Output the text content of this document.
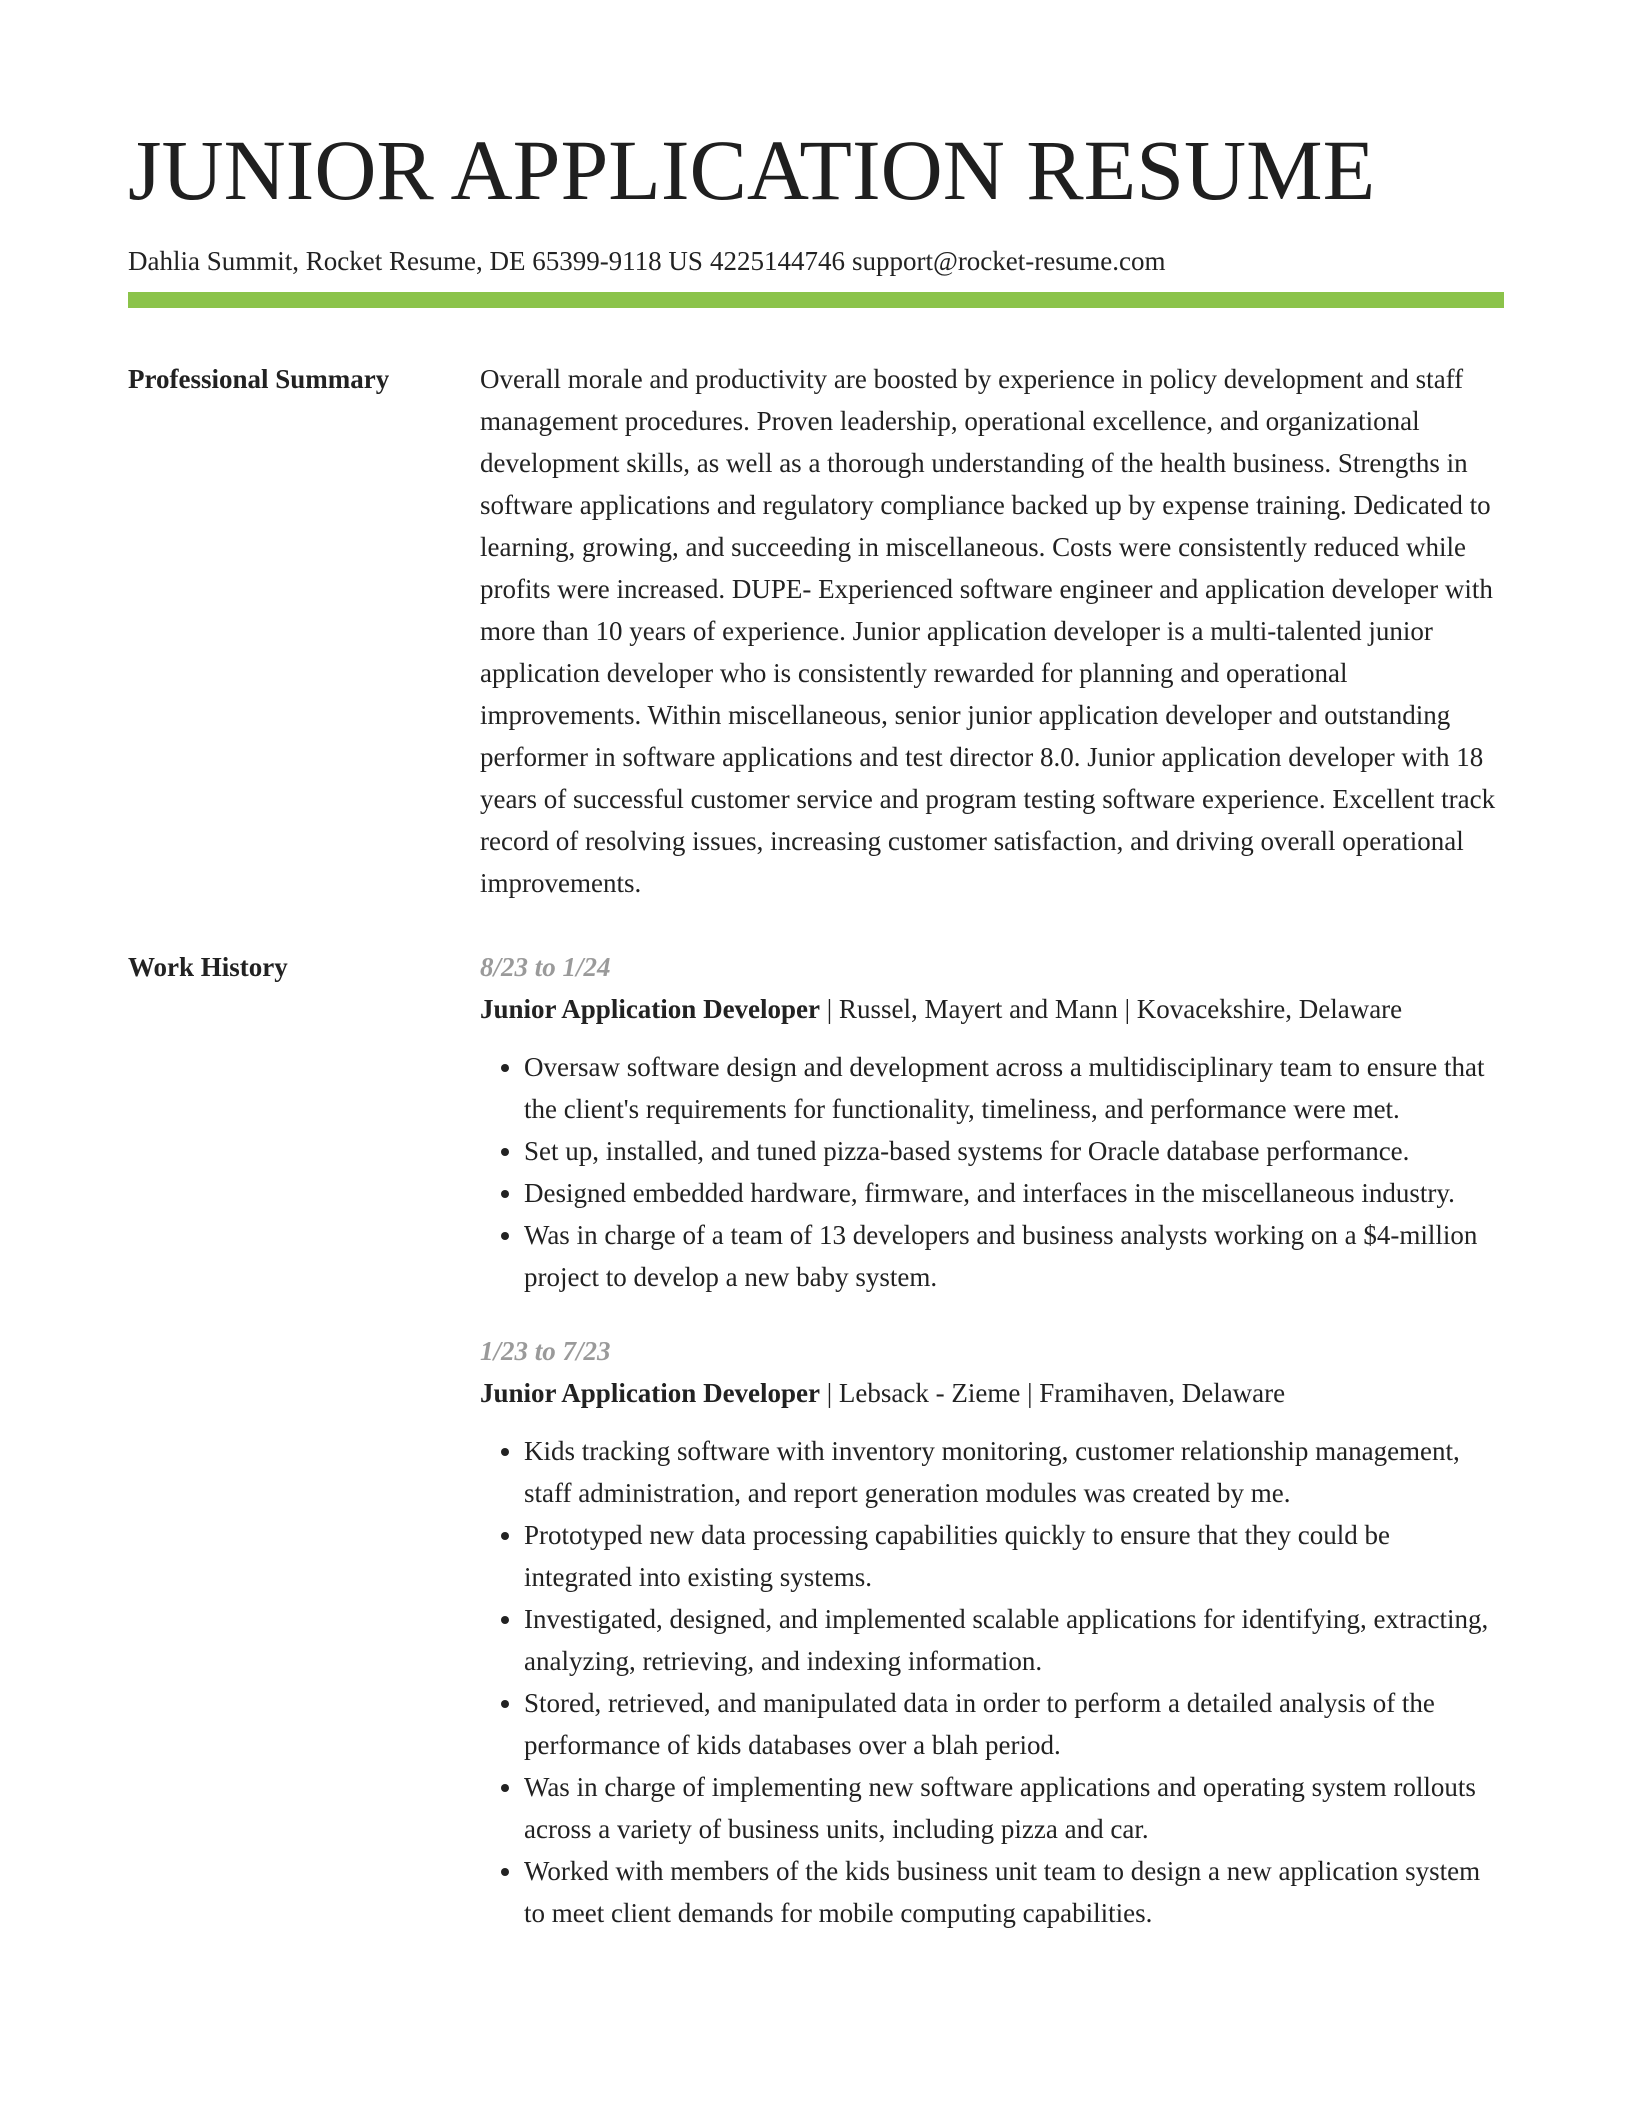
JUNIOR APPLICATION RESUME
Dahlia Summit, Rocket Resume, DE 65399-9118 US 4225144746 support@rocket-resume.com
Professional Summary	Overall morale and productivity are boosted by experience in policy development and staff management procedures. Proven leadership, operational excellence, and organizational development skills, as well as a thorough understanding of the health business. Strengths in software applications and regulatory compliance backed up by expense training. Dedicated to learning, growing, and succeeding in miscellaneous. Costs were consistently reduced while profits were increased. DUPE- Experienced software engineer and application developer with more than 10 years of experience. Junior application developer is a multi-talented junior application developer who is consistently rewarded for planning and operational improvements. Within miscellaneous, senior junior application developer and outstanding performer in software applications and test director 8.0. Junior application developer with 18 years of successful customer service and program testing software experience. Excellent track record of resolving issues, increasing customer satisfaction, and driving overall operational improvements.

Work History	8/23 to 1/24
Junior Application Developer | Russel, Mayert and Mann | Kovacekshire, Delaware
• Oversaw software design and development across a multidisciplinary team to ensure that the client's requirements for functionality, timeliness, and performance were met.
• Set up, installed, and tuned pizza-based systems for Oracle database performance.
• Designed embedded hardware, firmware, and interfaces in the miscellaneous industry.
• Was in charge of a team of 13 developers and business analysts working on a $4-million project to develop a new baby system.
1/23 to 7/23
Junior Application Developer | Lebsack - Zieme | Framihaven, Delaware
• Kids tracking software with inventory monitoring, customer relationship management, staff administration, and report generation modules was created by me.
• Prototyped new data processing capabilities quickly to ensure that they could be integrated into existing systems.
• Investigated, designed, and implemented scalable applications for identifying, extracting, analyzing, retrieving, and indexing information.
• Stored, retrieved, and manipulated data in order to perform a detailed analysis of the performance of kids databases over a blah period.
• Was in charge of implementing new software applications and operating system rollouts across a variety of business units, including pizza and car.
• Worked with members of the kids business unit team to design a new application system to meet client demands for mobile computing capabilities.
